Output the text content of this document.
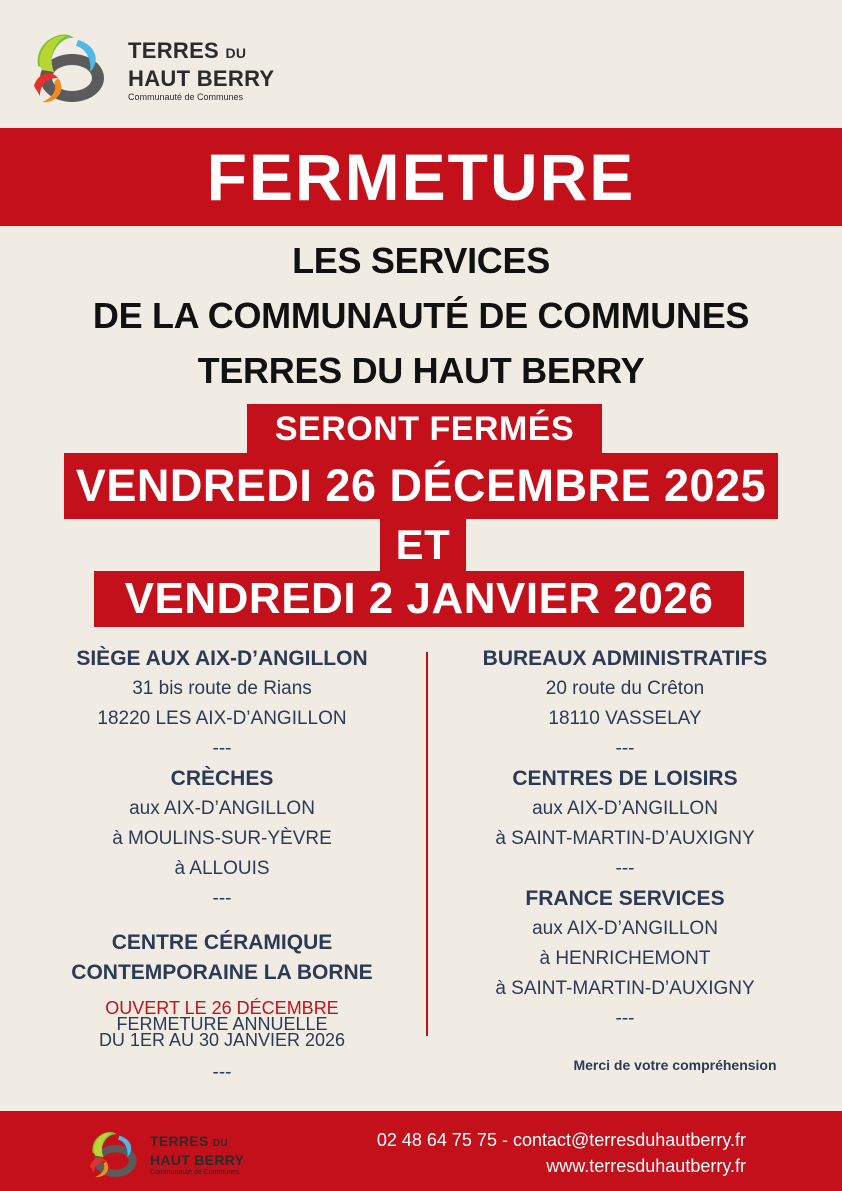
TERRES DU
HAUT BERRY
Communauté de Communes
FERMETURE
LES SERVICES
DE LA COMMUNAUTÉ DE COMMUNES
TERRES DU HAUT BERRY
SERONT FERMÉS
VENDREDI 26 DÉCEMBRE 2025
ET
VENDREDI 2 JANVIER 2026
SIÈGE AUX AIX-D’ANGILLON
31 bis route de Rians
18220 LES AIX-D’ANGILLON
---
CRÈCHES
aux AIX-D’ANGILLON
à MOULINS-SUR-YÈVRE
à ALLOUIS
---
CENTRE CÉRAMIQUE
CONTEMPORAINE LA BORNE
OUVERT LE 26 DÉCEMBRE
FERMETURE ANNUELLE
DU 1ER AU 30 JANVIER 2026
---
BUREAUX ADMINISTRATIFS
20 route du Crêton
18110 VASSELAY
---
CENTRES DE LOISIRS
aux AIX-D’ANGILLON
à SAINT-MARTIN-D’AUXIGNY
---
FRANCE SERVICES
aux AIX-D’ANGILLON
à HENRICHEMONT
à SAINT-MARTIN-D’AUXIGNY
---
Merci de votre compréhension
TERRES DU
HAUT BERRY
Communauté de Communes
02 48 64 75 75 - contact@terresduhautberry.fr
www.terresduhautberry.fr
